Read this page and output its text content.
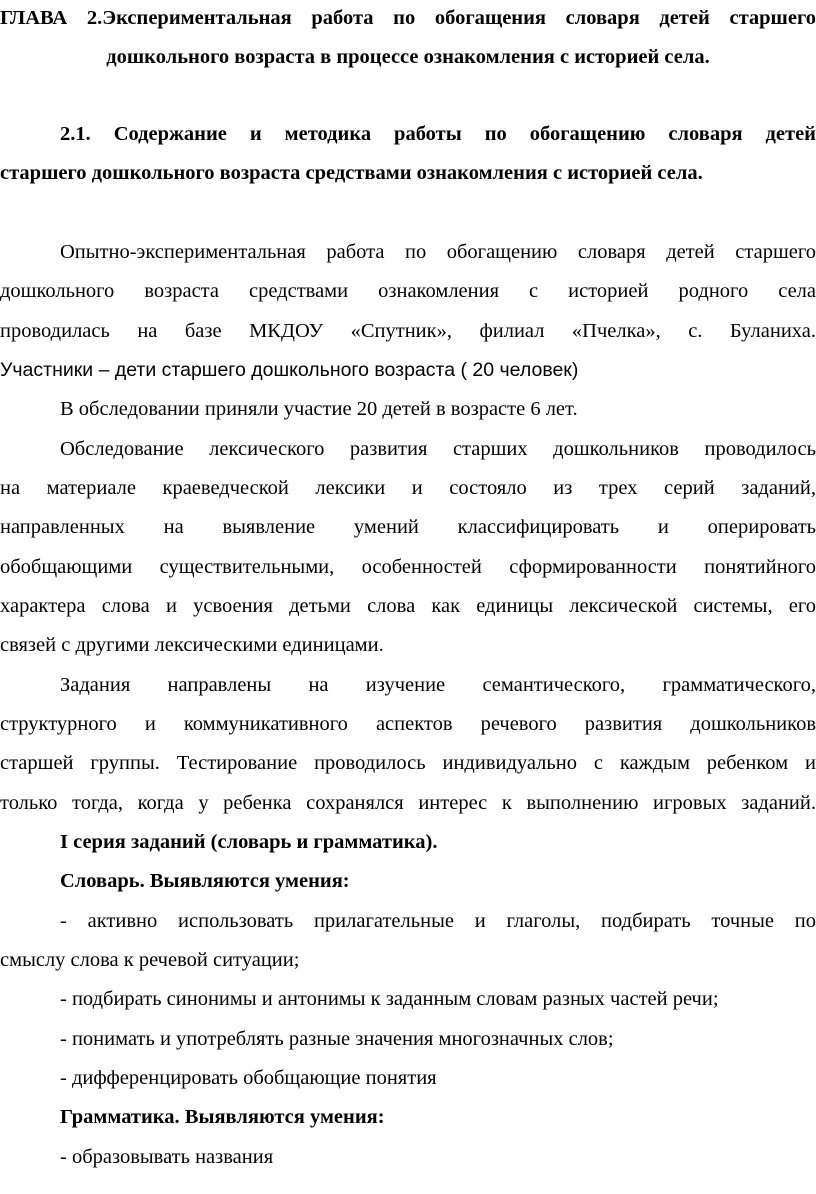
ГЛАВА 2.Экспериментальная работа по обогащения словаря детей старшего
дошкольного возраста в процессе ознакомления с историей села.
2.1. Содержание и методика работы по обогащению словаря детей
старшего дошкольного возраста средствами ознакомления с историей села.
Опытно-экспериментальная работа по обогащению словаря детей старшего
дошкольного возраста средствами ознакомления с историей родного села
проводилась на базе МКДОУ «Спутник», филиал «Пчелка», с. Буланиха.
Участники – дети старшего дошкольного возраста ( 20 человек)
В обследовании приняли участие 20 детей в возрасте 6 лет.
Обследование лексического развития старших дошкольников проводилось
на материале краеведческой лексики и состояло из трех серий заданий,
направленных на выявление умений классифицировать и оперировать
обобщающими существительными, особенностей сформированности понятийного
характера слова и усвоения детьми слова как единицы лексической системы, его
связей с другими лексическими единицами.
Задания направлены на изучение семантического, грамматического,
структурного и коммуникативного аспектов речевого развития дошкольников
старшей группы. Тестирование проводилось индивидуально с каждым ребенком и
только тогда, когда у ребенка сохранялся интерес к выполнению игровых заданий.
I серия заданий (словарь и грамматика).
Словарь. Выявляются умения:
- активно использовать прилагательные и глаголы, подбирать точные по
смыслу слова к речевой ситуации;
- подбирать синонимы и антонимы к заданным словам разных частей речи;
- понимать и употреблять разные значения многозначных слов;
- дифференцировать обобщающие понятия
Грамматика. Выявляются умения:
- образовывать названия
